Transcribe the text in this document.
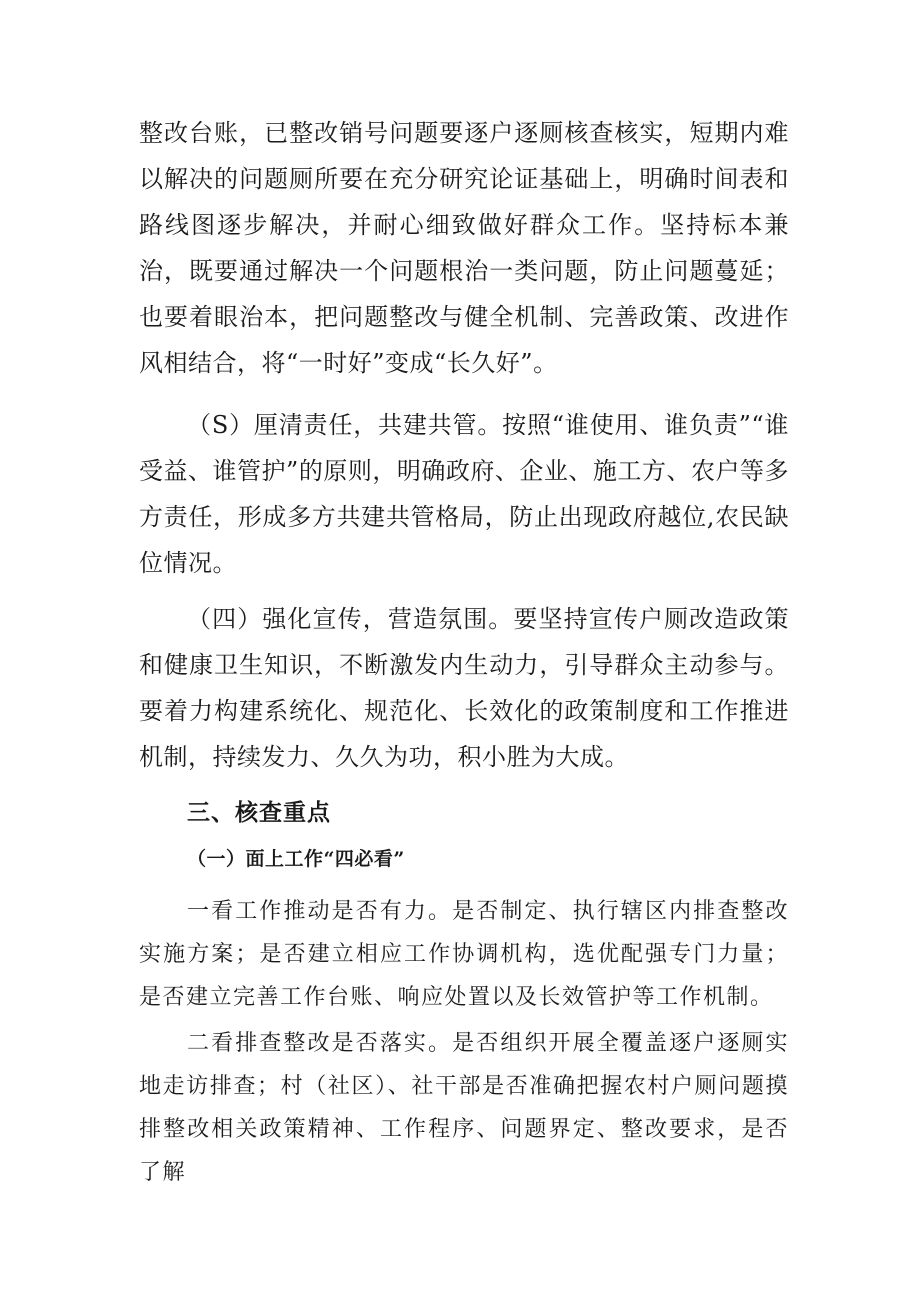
整改台账，已整改销号问题要逐户逐厕核查核实，短期内难以解决的问题厕所要在充分研究论证基础上，明确时间表和路线图逐步解决，并耐心细致做好群众工作。坚持标本兼治，既要通过解决一个问题根治一类问题，防止问题蔓延；也要着眼治本，把问题整改与健全机制、完善政策、改进作风相结合，将“一时好”变成“长久好”。

（S）厘清责任，共建共管。按照“谁使用、谁负责”“谁受益、谁管护”的原则，明确政府、企业、施工方、农户等多方责任，形成多方共建共管格局，防止出现政府越位,农民缺位情况。

（四）强化宣传，营造氛围。要坚持宣传户厕改造政策和健康卫生知识，不断激发内生动力，引导群众主动参与。要着力构建系统化、规范化、长效化的政策制度和工作推进机制，持续发力、久久为功，积小胜为大成。

三、核查重点
（一）面上工作“四必看”

一看工作推动是否有力。是否制定、执行辖区内排查整改实施方案；是否建立相应工作协调机构，选优配强专门力量；是否建立完善工作台账、响应处置以及长效管护等工作机制。

二看排查整改是否落实。是否组织开展全覆盖逐户逐厕实地走访排查；村（社区）、社干部是否准确把握农村户厕问题摸排整改相关政策精神、工作程序、问题界定、整改要求，是否了解
